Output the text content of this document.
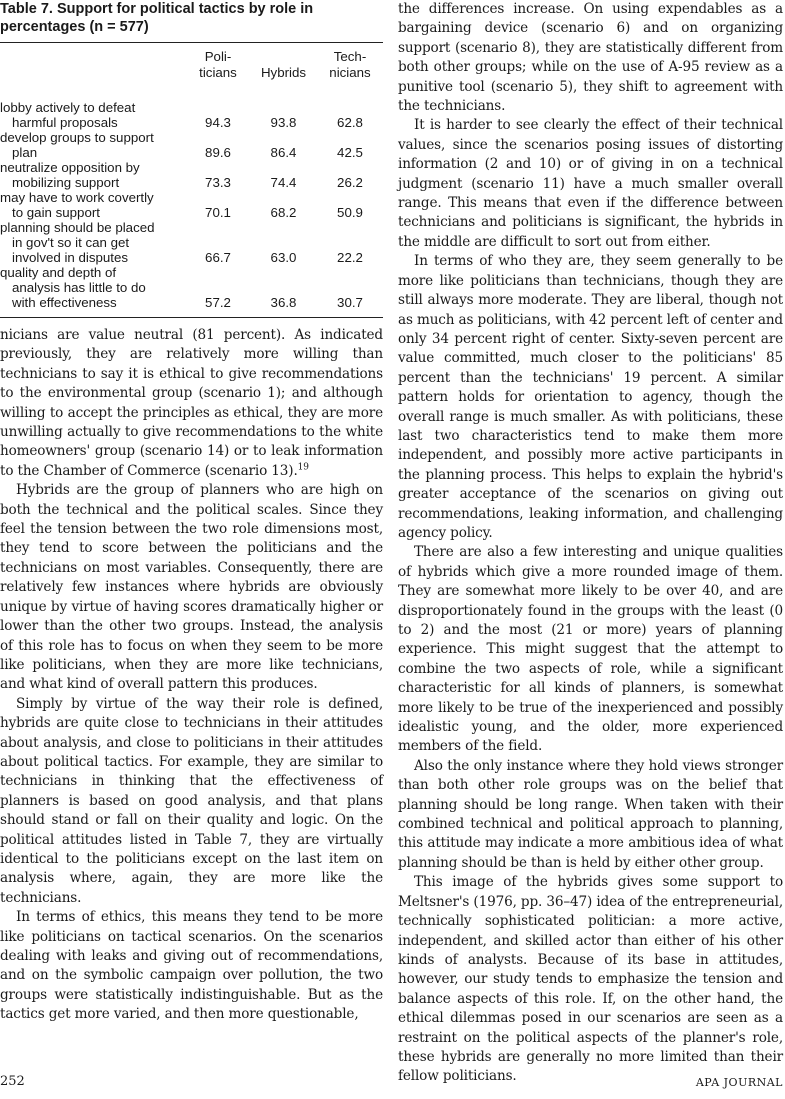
Table 7. Support for political tactics by role in percentages (n = 577)

	Poli-
ticians	Hybrids	Tech-
nicians

lobby actively to defeat
harmful proposals	94.3	93.8	62.8

develop groups to support
plan	89.6	86.4	42.5

neutralize opposition by
mobilizing support	73.3	74.4	26.2

may have to work covertly
to gain support	70.1	68.2	50.9

planning should be placed
in gov't so it can get
involved in disputes	66.7	63.0	22.2

quality and depth of
analysis has little to do
with effectiveness	57.2	36.8	30.7

nicians are value neutral (81 percent). As indicated previously, they are relatively more willing than technicians to say it is ethical to give recommendations to the environmental group (scenario 1); and although willing to accept the principles as ethical, they are more unwilling actually to give recommendations to the white homeowners' group (scenario 14) or to leak information to the Chamber of Commerce (scenario 13).$^{19}$

Hybrids are the group of planners who are high on both the technical and the political scales. Since they feel the tension between the two role dimensions most, they tend to score between the politicians and the technicians on most variables. Consequently, there are relatively few instances where hybrids are obviously unique by virtue of having scores dramatically higher or lower than the other two groups. Instead, the analysis of this role has to focus on when they seem to be more like politicians, when they are more like technicians, and what kind of overall pattern this produces.

Simply by virtue of the way their role is defined, hybrids are quite close to technicians in their attitudes about analysis, and close to politicians in their attitudes about political tactics. For example, they are similar to technicians in thinking that the effectiveness of planners is based on good analysis, and that plans should stand or fall on their quality and logic. On the political attitudes listed in Table 7, they are virtually identical to the politicians except on the last item on analysis where, again, they are more like the technicians.

In terms of ethics, this means they tend to be more like politicians on tactical scenarios. On the scenarios dealing with leaks and giving out of recommendations, and on the symbolic campaign over pollution, the two groups were statistically indistinguishable. But as the tactics get more varied, and then more questionable,

the differences increase. On using expendables as a bargaining device (scenario 6) and on organizing support (scenario 8), they are statistically different from both other groups; while on the use of A-95 review as a punitive tool (scenario 5), they shift to agreement with the technicians.

It is harder to see clearly the effect of their technical values, since the scenarios posing issues of distorting information (2 and 10) or of giving in on a technical judgment (scenario 11) have a much smaller overall range. This means that even if the difference between technicians and politicians is significant, the hybrids in the middle are difficult to sort out from either.

In terms of who they are, they seem generally to be more like politicians than technicians, though they are still always more moderate. They are liberal, though not as much as politicians, with 42 percent left of center and only 34 percent right of center. Sixty-seven percent are value committed, much closer to the politicians' 85 percent than the technicians' 19 percent. A similar pattern holds for orientation to agency, though the overall range is much smaller. As with politicians, these last two characteristics tend to make them more independent, and possibly more active participants in the planning process. This helps to explain the hybrid's greater acceptance of the scenarios on giving out recommendations, leaking information, and challenging agency policy.

There are also a few interesting and unique qualities of hybrids which give a more rounded image of them. They are somewhat more likely to be over 40, and are disproportionately found in the groups with the least (0 to 2) and the most (21 or more) years of planning experience. This might suggest that the attempt to combine the two aspects of role, while a significant characteristic for all kinds of planners, is somewhat more likely to be true of the inexperienced and possibly idealistic young, and the older, more experienced members of the field.

Also the only instance where they hold views stronger than both other role groups was on the belief that planning should be long range. When taken with their combined technical and political approach to planning, this attitude may indicate a more ambitious idea of what planning should be than is held by either other group.

This image of the hybrids gives some support to Meltsner's (1976, pp. 36–47) idea of the entrepreneurial, technically sophisticated politician: a more active, independent, and skilled actor than either of his other kinds of analysts. Because of its base in attitudes, however, our study tends to emphasize the tension and balance aspects of this role. If, on the other hand, the ethical dilemmas posed in our scenarios are seen as a restraint on the political aspects of the planner's role, these hybrids are generally no more limited than their fellow politicians.

252	APA JOURNAL
